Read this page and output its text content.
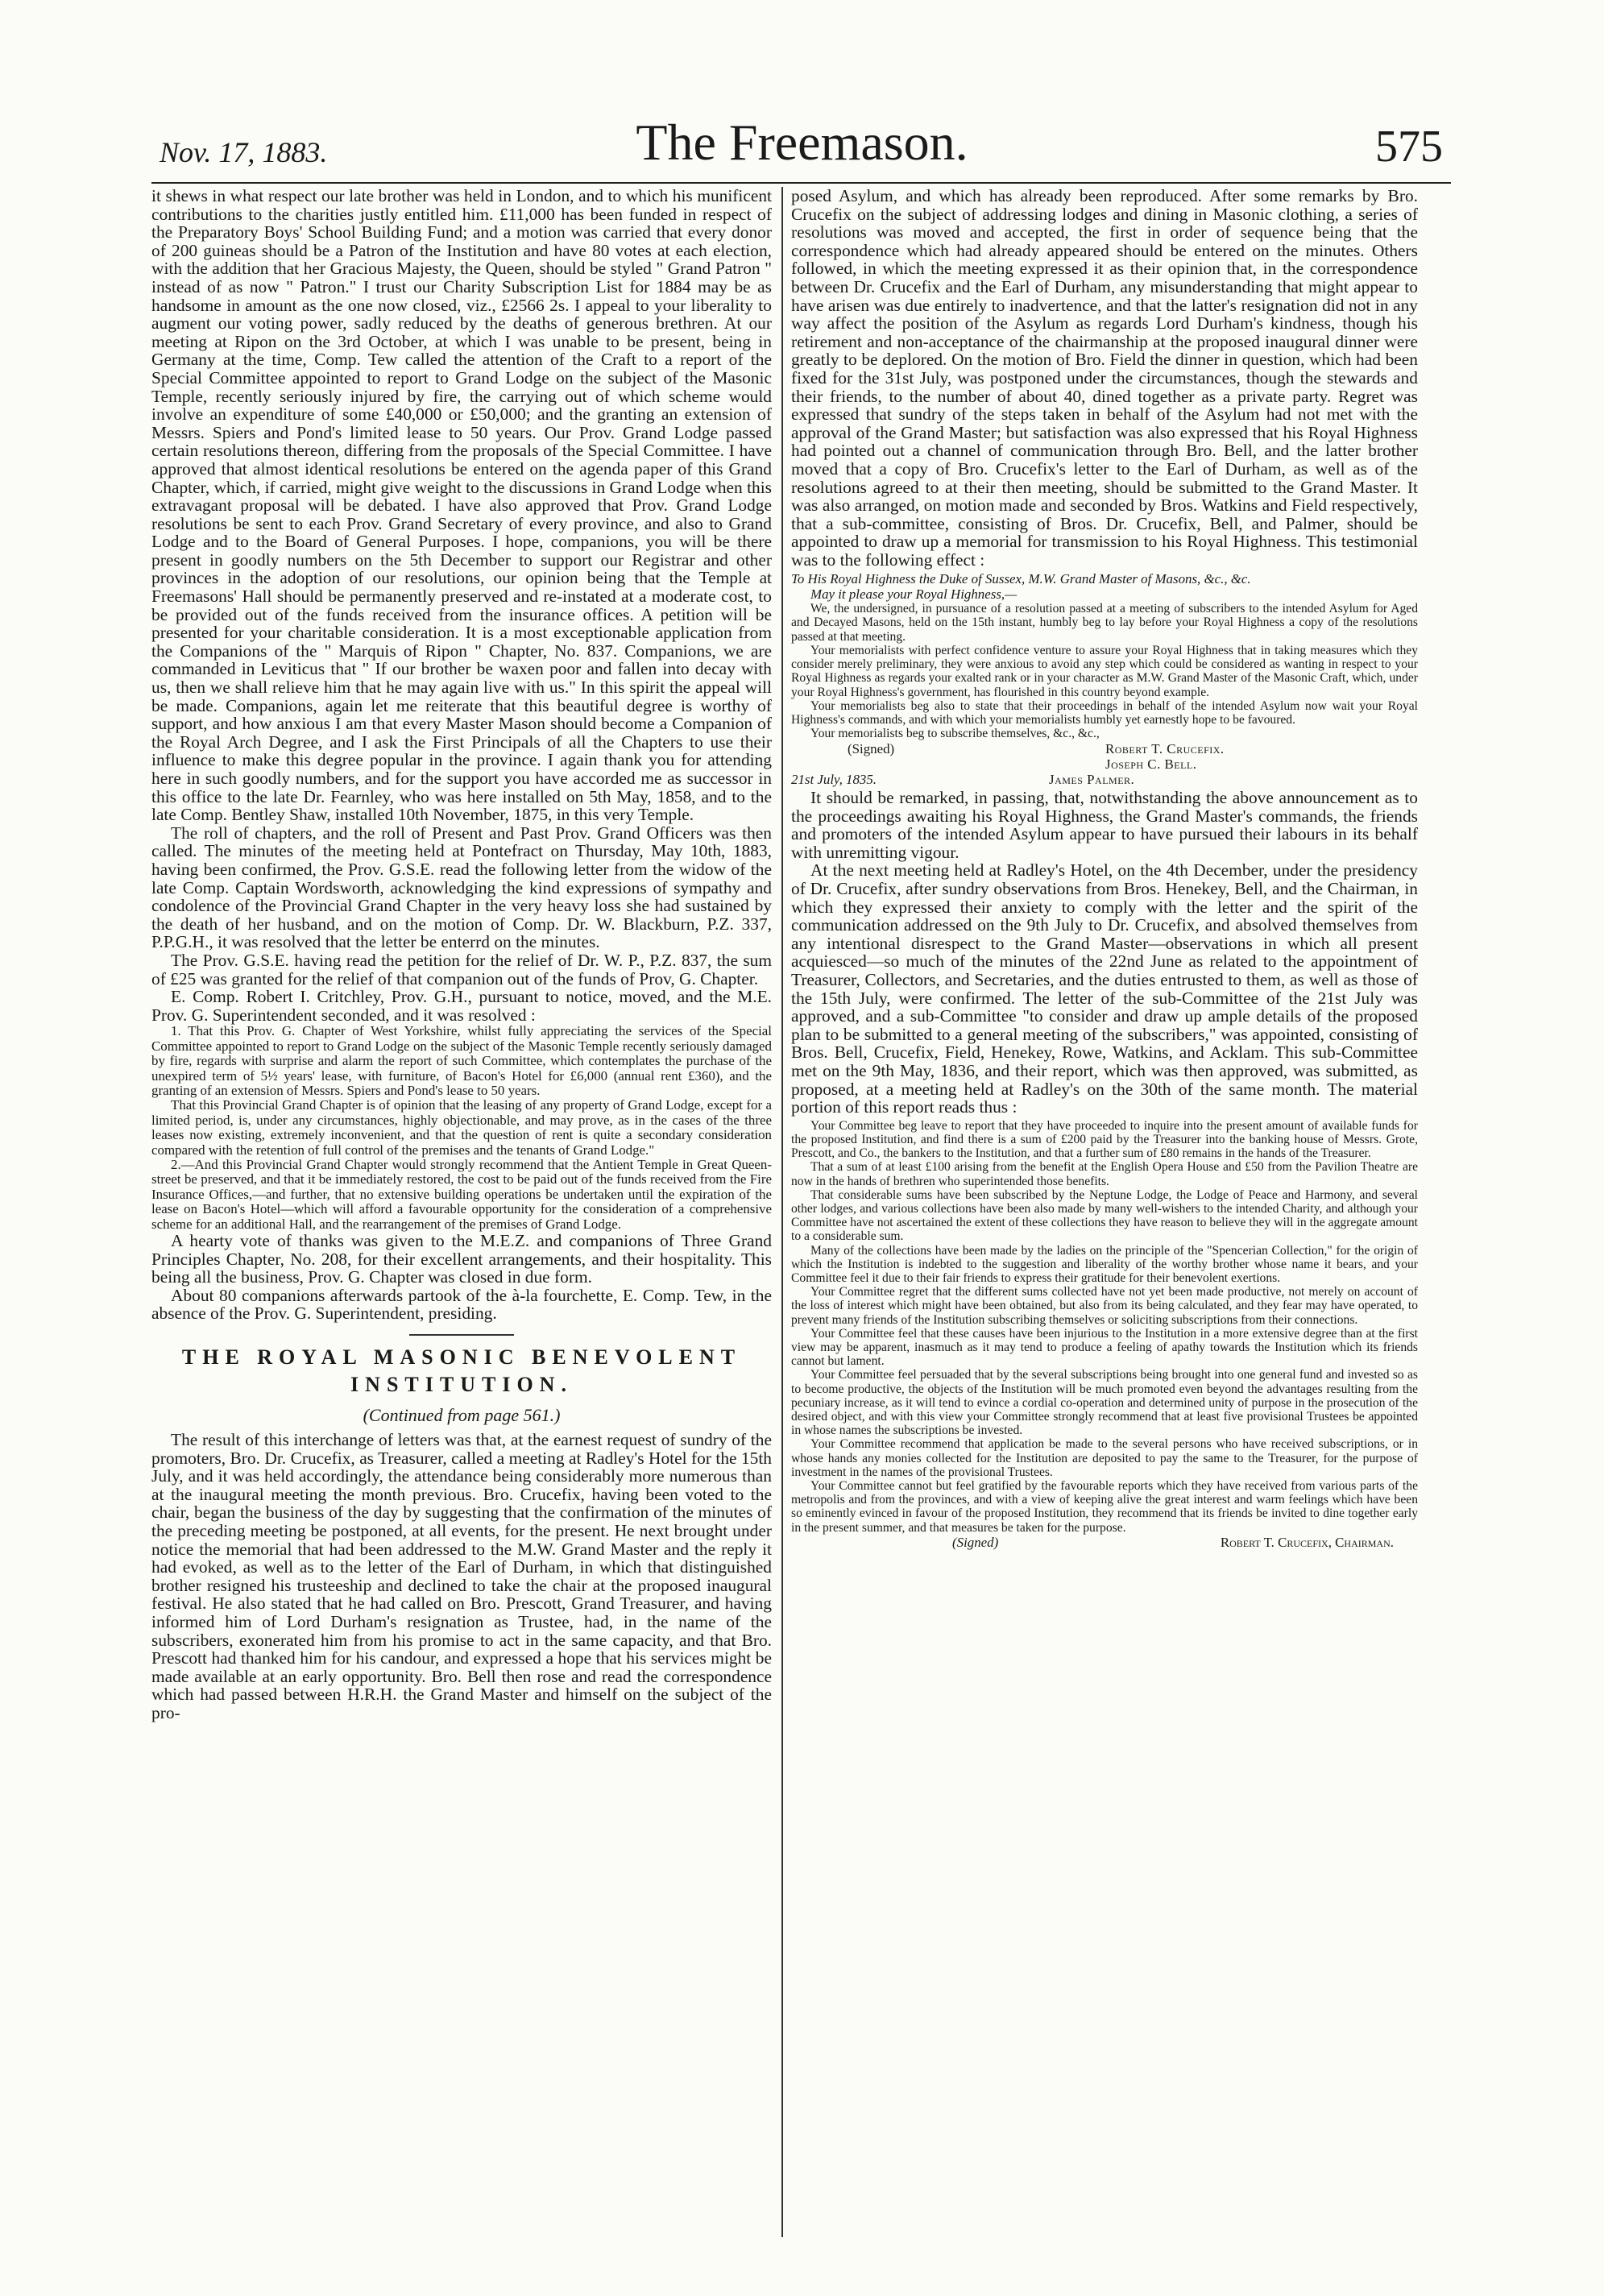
Nov. 17, 1883.	The Freemason.	575

it shews in what respect our late brother was held in London, and to which his munificent contributions to the charities justly entitled him. £11,000 has been funded in respect of the Preparatory Boys' School Building Fund; and a motion was carried that every donor of 200 guineas should be a Patron of the Institution and have 80 votes at each election, with the addition that her Gracious Majesty, the Queen, should be styled " Grand Patron " instead of as now " Patron." I trust our Charity Subscription List for 1884 may be as handsome in amount as the one now closed, viz., £2566 2s. I appeal to your liberality to augment our voting power, sadly reduced by the deaths of generous brethren. At our meeting at Ripon on the 3rd October, at which I was unable to be present, being in Germany at the time, Comp. Tew called the attention of the Craft to a report of the Special Committee appointed to report to Grand Lodge on the subject of the Masonic Temple, recently seriously injured by fire, the carrying out of which scheme would involve an expenditure of some £40,000 or £50,000; and the granting an extension of Messrs. Spiers and Pond's limited lease to 50 years. Our Prov. Grand Lodge passed certain resolutions thereon, differing from the proposals of the Special Committee. I have approved that almost identical resolutions be entered on the agenda paper of this Grand Chapter, which, if carried, might give weight to the discussions in Grand Lodge when this extravagant proposal will be debated. I have also approved that Prov. Grand Lodge resolutions be sent to each Prov. Grand Secretary of every province, and also to Grand Lodge and to the Board of General Purposes. I hope, companions, you will be there present in goodly numbers on the 5th December to support our Registrar and other provinces in the adoption of our resolutions, our opinion being that the Temple at Freemasons' Hall should be permanently preserved and re-instated at a moderate cost, to be provided out of the funds received from the insurance offices. A petition will be presented for your charitable consideration. It is a most exceptionable application from the Companions of the " Marquis of Ripon " Chapter, No. 837. Companions, we are commanded in Leviticus that " If our brother be waxen poor and fallen into decay with us, then we shall relieve him that he may again live with us." In this spirit the appeal will be made. Companions, again let me reiterate that this beautiful degree is worthy of support, and how anxious I am that every Master Mason should become a Companion of the Royal Arch Degree, and I ask the First Principals of all the Chapters to use their influence to make this degree popular in the province. I again thank you for attending here in such goodly numbers, and for the support you have accorded me as successor in this office to the late Dr. Fearnley, who was here installed on 5th May, 1858, and to the late Comp. Bentley Shaw, installed 10th November, 1875, in this very Temple.

The roll of chapters, and the roll of Present and Past Prov. Grand Officers was then called. The minutes of the meeting held at Pontefract on Thursday, May 10th, 1883, having been confirmed, the Prov. G.S.E. read the following letter from the widow of the late Comp. Captain Wordsworth, acknowledging the kind expressions of sympathy and condolence of the Provincial Grand Chapter in the very heavy loss she had sustained by the death of her husband, and on the motion of Comp. Dr. W. Blackburn, P.Z. 337, P.P.G.H., it was resolved that the letter be enterrd on the minutes.

The Prov. G.S.E. having read the petition for the relief of Dr. W. P., P.Z. 837, the sum of £25 was granted for the relief of that companion out of the funds of Prov, G. Chapter.

E. Comp. Robert I. Critchley, Prov. G.H., pursuant to notice, moved, and the M.E. Prov. G. Superintendent seconded, and it was resolved :

1. That this Prov. G. Chapter of West Yorkshire, whilst fully appreciating the services of the Special Committee appointed to report to Grand Lodge on the subject of the Masonic Temple recently seriously damaged by fire, regards with surprise and alarm the report of such Committee, which contemplates the purchase of the unexpired term of 5½ years' lease, with furniture, of Bacon's Hotel for £6,000 (annual rent £360), and the granting of an extension of Messrs. Spiers and Pond's lease to 50 years.

That this Provincial Grand Chapter is of opinion that the leasing of any property of Grand Lodge, except for a limited period, is, under any circumstances, highly objectionable, and may prove, as in the cases of the three leases now existing, extremely inconvenient, and that the question of rent is quite a secondary consideration compared with the retention of full control of the premises and the tenants of Grand Lodge."

2.—And this Provincial Grand Chapter would strongly recommend that the Antient Temple in Great Queen-street be preserved, and that it be immediately restored, the cost to be paid out of the funds received from the Fire Insurance Offices,—and further, that no extensive building operations be undertaken until the expiration of the lease on Bacon's Hotel—which will afford a favourable opportunity for the consideration of a comprehensive scheme for an additional Hall, and the rearrangement of the premises of Grand Lodge.

A hearty vote of thanks was given to the M.E.Z. and companions of Three Grand Principles Chapter, No. 208, for their excellent arrangements, and their hospitality. This being all the business, Prov. G. Chapter was closed in due form.

About 80 companions afterwards partook of the à-la fourchette, E. Comp. Tew, in the absence of the Prov. G. Superintendent, presiding.

THE ROYAL MASONIC BENEVOLENT
INSTITUTION.
(Continued from page 561.)

The result of this interchange of letters was that, at the earnest request of sundry of the promoters, Bro. Dr. Crucefix, as Treasurer, called a meeting at Radley's Hotel for the 15th July, and it was held accordingly, the attendance being considerably more numerous than at the inaugural meeting the month previous. Bro. Crucefix, having been voted to the chair, began the business of the day by suggesting that the confirmation of the minutes of the preceding meeting be postponed, at all events, for the present. He next brought under notice the memorial that had been addressed to the M.W. Grand Master and the reply it had evoked, as well as to the letter of the Earl of Durham, in which that distinguished brother resigned his trusteeship and declined to take the chair at the proposed inaugural festival. He also stated that he had called on Bro. Prescott, Grand Treasurer, and having informed him of Lord Durham's resignation as Trustee, had, in the name of the subscribers, exonerated him from his promise to act in the same capacity, and that Bro. Prescott had thanked him for his candour, and expressed a hope that his services might be made available at an early opportunity. Bro. Bell then rose and read the correspondence which had passed between H.R.H. the Grand Master and himself on the subject of the pro-

posed Asylum, and which has already been reproduced. After some remarks by Bro. Crucefix on the subject of addressing lodges and dining in Masonic clothing, a series of resolutions was moved and accepted, the first in order of sequence being that the correspondence which had already appeared should be entered on the minutes. Others followed, in which the meeting expressed it as their opinion that, in the correspondence between Dr. Crucefix and the Earl of Durham, any misunderstanding that might appear to have arisen was due entirely to inadvertence, and that the latter's resignation did not in any way affect the position of the Asylum as regards Lord Durham's kindness, though his retirement and non-acceptance of the chairmanship at the proposed inaugural dinner were greatly to be deplored. On the motion of Bro. Field the dinner in question, which had been fixed for the 31st July, was postponed under the circumstances, though the stewards and their friends, to the number of about 40, dined together as a private party. Regret was expressed that sundry of the steps taken in behalf of the Asylum had not met with the approval of the Grand Master; but satisfaction was also expressed that his Royal Highness had pointed out a channel of communication through Bro. Bell, and the latter brother moved that a copy of Bro. Crucefix's letter to the Earl of Durham, as well as of the resolutions agreed to at their then meeting, should be submitted to the Grand Master. It was also arranged, on motion made and seconded by Bros. Watkins and Field respectively, that a sub-committee, consisting of Bros. Dr. Crucefix, Bell, and Palmer, should be appointed to draw up a memorial for transmission to his Royal Highness. This testimonial was to the following effect :

To His Royal Highness the Duke of Sussex, M.W. Grand Master of Masons, &c., &c.

May it please your Royal Highness,—

We, the undersigned, in pursuance of a resolution passed at a meeting of subscribers to the intended Asylum for Aged and Decayed Masons, held on the 15th instant, humbly beg to lay before your Royal Highness a copy of the resolutions passed at that meeting.

Your memorialists with perfect confidence venture to assure your Royal Highness that in taking measures which they consider merely preliminary, they were anxious to avoid any step which could be considered as wanting in respect to your Royal Highness as regards your exalted rank or in your character as M.W. Grand Master of the Masonic Craft, which, under your Royal Highness's government, has flourished in this country beyond example.

Your memorialists beg also to state that their proceedings in behalf of the intended Asylum now wait your Royal Highness's commands, and with which your memorialists humbly yet earnestly hope to be favoured.

Your memorialists beg to subscribe themselves, &c., &c.,

(Signed)	Robert T. Crucefix.
Joseph C. Bell.
21st July, 1835.	James Palmer.

It should be remarked, in passing, that, notwithstanding the above announcement as to the proceedings awaiting his Royal Highness, the Grand Master's commands, the friends and promoters of the intended Asylum appear to have pursued their labours in its behalf with unremitting vigour.

At the next meeting held at Radley's Hotel, on the 4th December, under the presidency of Dr. Crucefix, after sundry observations from Bros. Henekey, Bell, and the Chairman, in which they expressed their anxiety to comply with the letter and the spirit of the communication addressed on the 9th July to Dr. Crucefix, and absolved themselves from any intentional disrespect to the Grand Master—observations in which all present acquiesced—so much of the minutes of the 22nd June as related to the appointment of Treasurer, Collectors, and Secretaries, and the duties entrusted to them, as well as those of the 15th July, were confirmed. The letter of the sub-Committee of the 21st July was approved, and a sub-Committee "to consider and draw up ample details of the proposed plan to be submitted to a general meeting of the subscribers," was appointed, consisting of Bros. Bell, Crucefix, Field, Henekey, Rowe, Watkins, and Acklam. This sub-Committee met on the 9th May, 1836, and their report, which was then approved, was submitted, as proposed, at a meeting held at Radley's on the 30th of the same month. The material portion of this report reads thus :

Your Committee beg leave to report that they have proceeded to inquire into the present amount of available funds for the proposed Institution, and find there is a sum of £200 paid by the Treasurer into the banking house of Messrs. Grote, Prescott, and Co., the bankers to the Institution, and that a further sum of £80 remains in the hands of the Treasurer.

That a sum of at least £100 arising from the benefit at the English Opera House and £50 from the Pavilion Theatre are now in the hands of brethren who superintended those benefits.

That considerable sums have been subscribed by the Neptune Lodge, the Lodge of Peace and Harmony, and several other lodges, and various collections have been also made by many well-wishers to the intended Charity, and although your Committee have not ascertained the extent of these collections they have reason to believe they will in the aggregate amount to a considerable sum.

Many of the collections have been made by the ladies on the principle of the "Spencerian Collection," for the origin of which the Institution is indebted to the suggestion and liberality of the worthy brother whose name it bears, and your Committee feel it due to their fair friends to express their gratitude for their benevolent exertions.

Your Committee regret that the different sums collected have not yet been made productive, not merely on account of the loss of interest which might have been obtained, but also from its being calculated, and they fear may have operated, to prevent many friends of the Institution subscribing themselves or soliciting subscriptions from their connections.

Your Committee feel that these causes have been injurious to the Institution in a more extensive degree than at the first view may be apparent, inasmuch as it may tend to produce a feeling of apathy towards the Institution which its friends cannot but lament.

Your Committee feel persuaded that by the several subscriptions being brought into one general fund and invested so as to become productive, the objects of the Institution will be much promoted even beyond the advantages resulting from the pecuniary increase, as it will tend to evince a cordial co-operation and determined unity of purpose in the prosecution of the desired object, and with this view your Committee strongly recommend that at least five provisional Trustees be appointed in whose names the subscriptions be invested.

Your Committee recommend that application be made to the several persons who have received subscriptions, or in whose hands any monies collected for the Institution are deposited to pay the same to the Treasurer, for the purpose of investment in the names of the provisional Trustees.

Your Committee cannot but feel gratified by the favourable reports which they have received from various parts of the metropolis and from the provinces, and with a view of keeping alive the great interest and warm feelings which have been so eminently evinced in favour of the proposed Institution, they recommend that its friends be invited to dine together early in the present summer, and that measures be taken for the purpose.

(Signed)	Robert T. Crucefix, Chairman.
